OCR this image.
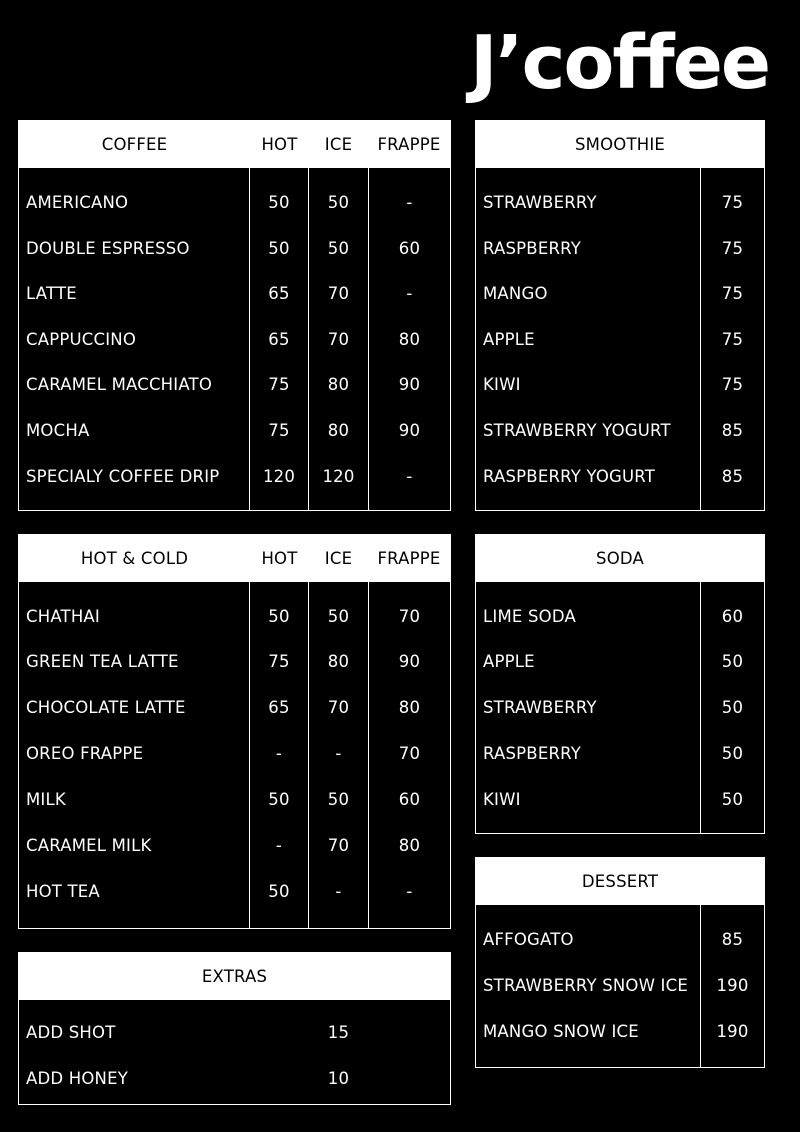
J’coffee
COFFEE	HOT	ICE	FRAPPE
AMERICANO	50	50	-
DOUBLE ESPRESSO	50	50	60
LATTE	65	70	-
CAPPUCCINO	65	70	80
CARAMEL MACCHIATO	75	80	90
MOCHA	75	80	90
SPECIALY COFFEE DRIP	120	120	-
HOT & COLD	HOT	ICE	FRAPPE
CHATHAI	50	50	70
GREEN TEA LATTE	75	80	90
CHOCOLATE LATTE	65	70	80
OREO FRAPPE	-	-	70
MILK	50	50	60
CARAMEL MILK	-	70	80
HOT TEA	50	-	-
EXTRAS
ADD SHOT	15
ADD HONEY	10
SMOOTHIE
STRAWBERRY	75
RASPBERRY	75
MANGO	75
APPLE	75
KIWI	75
STRAWBERRY YOGURT	85
RASPBERRY YOGURT	85
SODA
LIME SODA	60
APPLE	50
STRAWBERRY	50
RASPBERRY	50
KIWI	50
DESSERT
AFFOGATO	85
STRAWBERRY SNOW ICE	190
MANGO SNOW ICE	190
